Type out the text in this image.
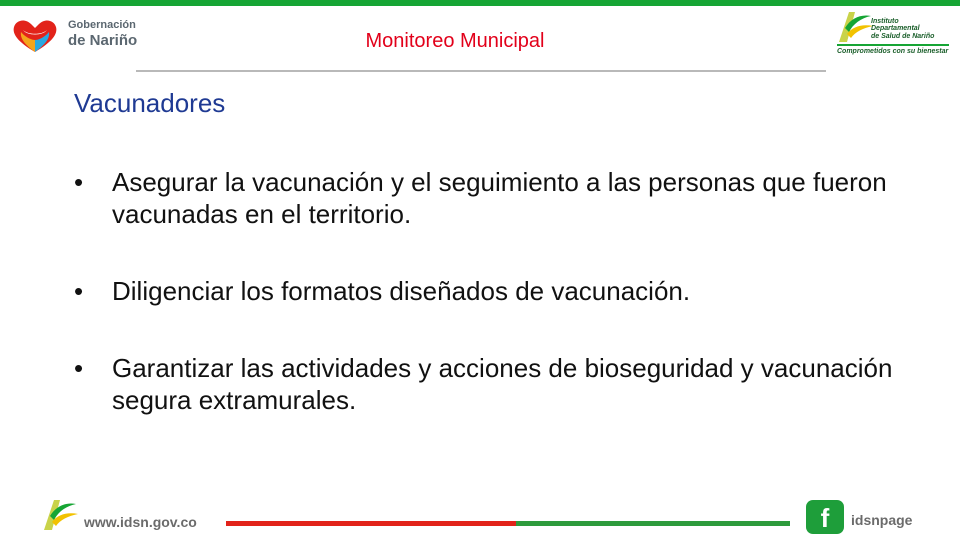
Gobernación
de Nariño	Monitoreo Municipal
Instituto
Departamental
de Salud de Nariño
Comprometidos con su bienestar
Vacunadores
•	Asegurar la vacunación y el seguimiento a las personas que fueron vacunadas en el territorio.
•	Diligenciar los formatos diseñados de vacunación.
•	Garantizar las actividades y acciones de bioseguridad y vacunación segura extramurales.
www.idsn.gov.co	f	idsnpage
